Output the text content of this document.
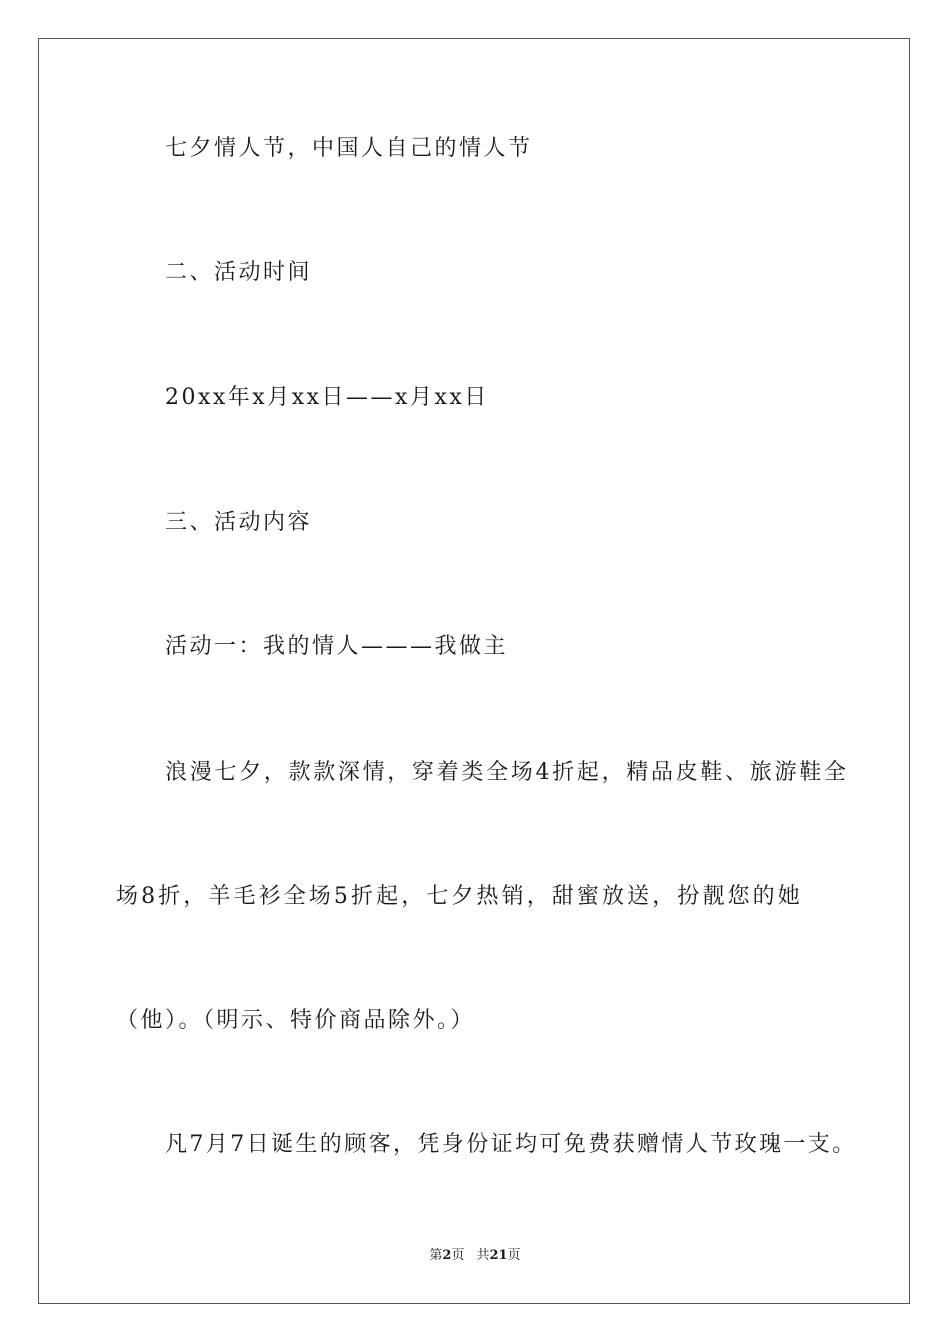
七夕情人节，中国人自己的情人节
二、活动时间
20xx年x月xx日——x月xx日
三、活动内容
活动一：我的情人———我做主
浪漫七夕，款款深情，穿着类全场4折起，精品皮鞋、旅游鞋全
场8折，羊毛衫全场5折起，七夕热销，甜蜜放送，扮靓您的她
（他）。（明示、特价商品除外。）
凡7月7日诞生的顾客，凭身份证均可免费获赠情人节玫瑰一支。
第2页 共21页
